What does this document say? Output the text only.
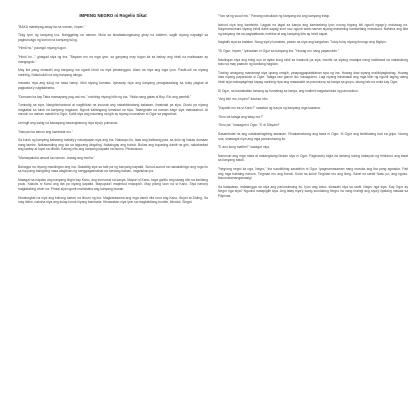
IMPENG NEGRO ni Rogelio Sikat
"BAKA makikipag-away ka na naman, Impen."
Tinig iyon ng kanyang ina. Nanggaling na naman. Mula sa kinatatalungkuang giray na bakben, saglit siyang napatigil sa pagbuhusgo ng kumot na kanyang tulog.
"Hindi ho," paungol niyang tugon.
"Hindi ho..." ginagad siya ng ina. "Bayaan mo na mga iyon, sa ganyang may tugon ka sa bahay ang hindi na maiiwasan ay mangagulo."
May iba pang sinasabi ang kanyang ina ngunit hindi na niya pinakinggan. Alam na niya ang mga iyon. Paulit-ulit na niyang naririnig. Nakukuluili na ang kanyang tainga.
Iniwasto niya ang tulog na nasa hamp. Muli siyang tumabo. Ipinaway niya ang kanyang pinagdadalang sa tulay pagkat at pagkasira'y nagitlaliramo.
"Dumaan ka kay Taba mamayang pag-uwi mo," naririnig niyang bilin ng ina. "Wala nang gatas si Boy. Eto ang pambili."
Tumindig na siya. Nangihinhanimal at nagtihikab na inuunat ang nakabibinatang katawan, ihasintak pa siya. Gusto pa niyang magtatak sa tulok na kanyang hugasan. Ngunit kailangang lumakad na siya. Tatanghalin na naman bago siya makasahod. At naroon na naman marahil si Ogor. Kahit siya ang naunang sa igib ay siyang inuunahan ni Ogor sa pagsahod.
Umingit ang sahig na kawayang bauangbarong niya siya'y pumasok.
"Nanyan ka lamon ang kamiseta mo."
Sa kulok ng kanyang kaliwang malaky'y nasulyapan niya ang ina. Nakaupo ito, taas ang kaliwang paa, sa dulo ng hakas dumaan nang tambo. Nakasanding ang ulo sa tagurang dingding. Nakalugay ang buhok. Bukas ang kupasing damit na gris, nakahantad ang lawlay at luyot na dibdib. Kalong nito ang kanyang kapatid na bunso. Pinasususo.
"Mamayakuka umuwi ka naman...basag ang muiha."
Bahagya na niyang maulinigan ang ina. Nakatitig siya sa tabi pa ng kanyang kapatid. Sunud-sunod na nakakabingo ang mga ito sa isa pang banighing nasa alagitnan ng nanggagalmalnat na mesang kainan, nagsisikan pa.
Matagal na napako ang kanyang tingin kay Kano, ang sumunod sa kanya. Mapuri si Kano, kaya ganito ang tawag dito sa kanilang pook. Kakulis ni Kano ang iba pa niyang kapatid. Mapupula't mapintud mapupuh. May pilong laon na si Kano. Siya nama'y magtatalong ahon na. Pinsal siya ngunit mahahaba ang kanyang buwan.
Hinalungkat na niya ang kahong karton na ilinuro ng ina. Magkakasama ang mga damit nila roon ang Kano, Boyet at Diding. Sa may ilalim, nakuha niya ang kulay-lumot niyang kamiseta. Hinawakan niya iyon sa magkabilang bumite, ibinalot. Singot.
"Yan na'ng suuot mo." Panang nahuliaan ng kanyang ina ang kanyang inisip.
Isinuot niya ang kamiseta. Lagpat na lagat sa kanya ang kamisetang iyon noong bigong bili ngunit ngayo'y maluwag na. Nagmumukhani siyang inihili dahil sapag sunt noo ngunit wala naman siyang maraming kamisetang masusuot. Nahima ang kita ng kanyang ina sa paglalabada; mahina at ang kanyang kita ay hindi sapat.
Nagtalik siya sa batalan. Nang siya'y lumabas, pasan na niya ang kargahan. Tuloy-tuloy siyang tinungo ang Mgripo.
"Si Ogor, Impen," ipinaalam ni Ogor sa kanyang ina. "Huwag mo nang papansinin."
Naulingan niya ang bilog sun at ayaw kung tahil sa inaancik pa siya, muntik na siyang madapa nang makitaaol sa nakalukung batu sa may paanan ng kanilang hagdan.
Tuwing umagang manamayi siya upang umigib, pinapagpapalaitahan siya ng ina. Huwag daw siyang makikipagbabag. Huwag daw niyang papansinin si Ogor. Talaga raw ganon iko: basagulero. Lagi niyang isinasasal ang mga bilin ng ngunit laging utang hindi siya makapagtimpi kapag naririnig niya ang masasakit na panunuroy sa kanya sa grupo, lalung lalo na mula kay Ogor.
Si Ogor, na kamakailan lamang ay bumabag sa kanya, ang malimit magsasimula ng panunukso:
"Ang itim mo, Impen!" tutukso nito.
"Kapatid mo ba si Kano?" sasabat ng isa pa ng kanyang mga kasama.
"Sino ba talaga ang tatay mo?"
"Sino pa," isasagot ni Ogor. "E di Dikyam!"
Sasambulat na ang nakababingibing tawanan. Pinakamatunog ang tawa ni Ogor. Si Ogor ang kinikilalang hari sa gripo. Noong una, sinasagot niya ang mga panunuksong ito.
"E ano kung maitim?" sasagot niya.
Nanunuri ang mga mata at nakangiwing iikutan siya ni Ogor. Pagkuwa'y bigla na lamang ndong kakayuin ng hintuturo ang balat sa kanyang batok.
"Negrong negro ka nga, Negro," iba nandidiring sasabihin ni Ogor. Ipagmamasaman nang maruka ang iba pang agwador. Pati ang mga babaing naroon. Tinginan mo ang bunok. Kulot na kulot! Tinginan mo ang ilong. Sarat na sarat! Naku po, ang nguso. Nauunsiamangamasig!
Sa katapatan, natatangga na niya ang panunuksong ito. Iyon ang totoo; sinasabi niya sa sarili. Negro nga siya. Kay Ogor ay Negro nga siya? Nguniot nasapigliti siya. Ang tatay niya'y isang sundalong Negro na nang maingi ang siya'y lipalang nawala sa Pilipinas.
